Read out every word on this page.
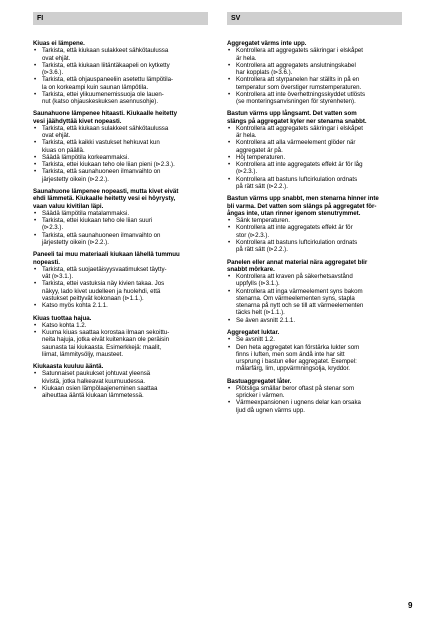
FI	SV

Kiuas ei lämpene.

• Tarkista, että kiukaan sulakkeet sähkötaulussa
ovat ehjät.
• Tarkista, että kiukaan liitäntäkaapeli on kytketty
(⊳3.6.).
• Tarkista, että ohjauspaneeliin asetettu lämpötila-
la on korkeampi kuin saunan lämpötila.
• Tarkista, ettei ylikuumenemissuoja ole lauen-
nut (katso ohjauskeskuksen asennusohje).

Saunahuone lämpenee hitaasti. Kiukaalle heitetty
vesi jäähdyttää kivet nopeasti.

• Tarkista, että kiukaan sulakkeet sähkötaulussa
ovat ehjät.
• Tarkista, että kaikki vastukset hehkuvat kun
kiuas on päällä.
• Säädä lämpötila korkeammaksi.
• Tarkista, ettei kiukaan teho ole liian pieni (⊳2.3.).
• Tarkista, että saunahuoneen ilmanvaihto on
järjestetty oikein (⊳2.2.).

Saunahuone lämpenee nopeasti, mutta kivet eivät
ehdi lämmetä. Kiukaalle heitetty vesi ei höyrysty,
vaan valuu kivitilan läpi.

• Säädä lämpötila matalammaksi.
• Tarkista, ettei kiukaan teho ole liian suuri
(⊳2.3.).
• Tarkista, että saunahuoneen ilmanvaihto on
järjestetty oikein (⊳2.2.).

Paneeli tai muu materiaali kiukaan lähellä tummuu
nopeasti.

• Tarkista, että suojaetäisyysvaatimukset täytty-
vät (⊳3.1.).
• Tarkista, ettei vastuksia näy kivien takaa. Jos
näkyy, lado kivet uudelleen ja huolehdi, että
vastukset peittyvät kokonaan (⊳1.1.).
• Katso myös kohta 2.1.1.

Kiuas tuottaa hajua.

• Katso kohta 1.2.
• Kuuma kiuas saattaa korostaa ilmaan sekoittu-
neita hajuja, jotka eivät kuitenkaan ole peräisin
saunasta tai kiukaasta. Esimerkkejä: maalit,
liimat, lämmitysöljy, mausteet.

Kiukaasta kuuluu ääntä.

• Satunnaiset paukukset johtuvat yleensä
kivistä, jotka halkeavat kuumuudessa.
• Kiukaan osien lämpölaajeneminen saattaa
aiheuttaa ääntä kiukaan lämmetessä.

Aggregatet värms inte upp.

• Kontrollera att aggregatets säkringar i elskåpet
är hela.
• Kontrollera att aggregatets anslutningskabel
har kopplats (⊳3.6.).
• Kontrollera att styrpanelen har ställts in på en
temperatur som överstiger rumstemperaturen.
• Kontrollera att inte överhettningsskyddet utlösts
(se monteringsanvisningen för styrenheten).

Bastun värms upp långsamt. Det vatten som
slängs på aggregatet kyler ner stenarna snabbt.

• Kontrollera att aggregatets säkringar i elskåpet
är hela.
• Kontrollera att alla värmeelement glöder när
aggregatet är på.
• Höj temperaturen.
• Kontrollera att inte aggregatets effekt är för låg
(⊳2.3.).
• Kontrollera att bastuns luftcirkulation ordnats
på rätt sätt (⊳2.2.).

Bastun värms upp snabbt, men stenarna hinner inte
bli varma. Det vatten som slängs på aggregatet för-
ångas inte, utan rinner igenom stenutrymmet.

• Sänk temperaturen.
• Kontrollera att inte aggregatets effekt är för
stor (⊳2.3.).
• Kontrollera att bastuns luftcirkulation ordnats
på rätt sätt (⊳2.2.).

Panelen eller annat material nära aggregatet blir
snabbt mörkare.

• Kontrollera att kraven på säkerhetsavstånd
uppfylls (⊳3.1.).
• Kontrollera att inga värmeelement syns bakom
stenarna. Om värmeelementen syns, stapla
stenarna på nytt och se till att värmeelementen
täcks helt (⊳1.1.).
• Se även avsnitt 2.1.1.

Aggregatet luktar.

• Se avsnitt 1.2.
• Den heta aggregatet kan förstärka lukter som
finns i luften, men som ändå inte har sitt
ursprung i bastun eller aggregatet. Exempel:
målarfärg, lim, uppvärmningsolja, kryddor.

Bastuaggregatet låter.

• Plötsliga smällar beror oftast på stenar som
spricker i värmen.
• Värmeexpansionen i ugnens delar kan orsaka
ljud då ugnen värms upp.
9
